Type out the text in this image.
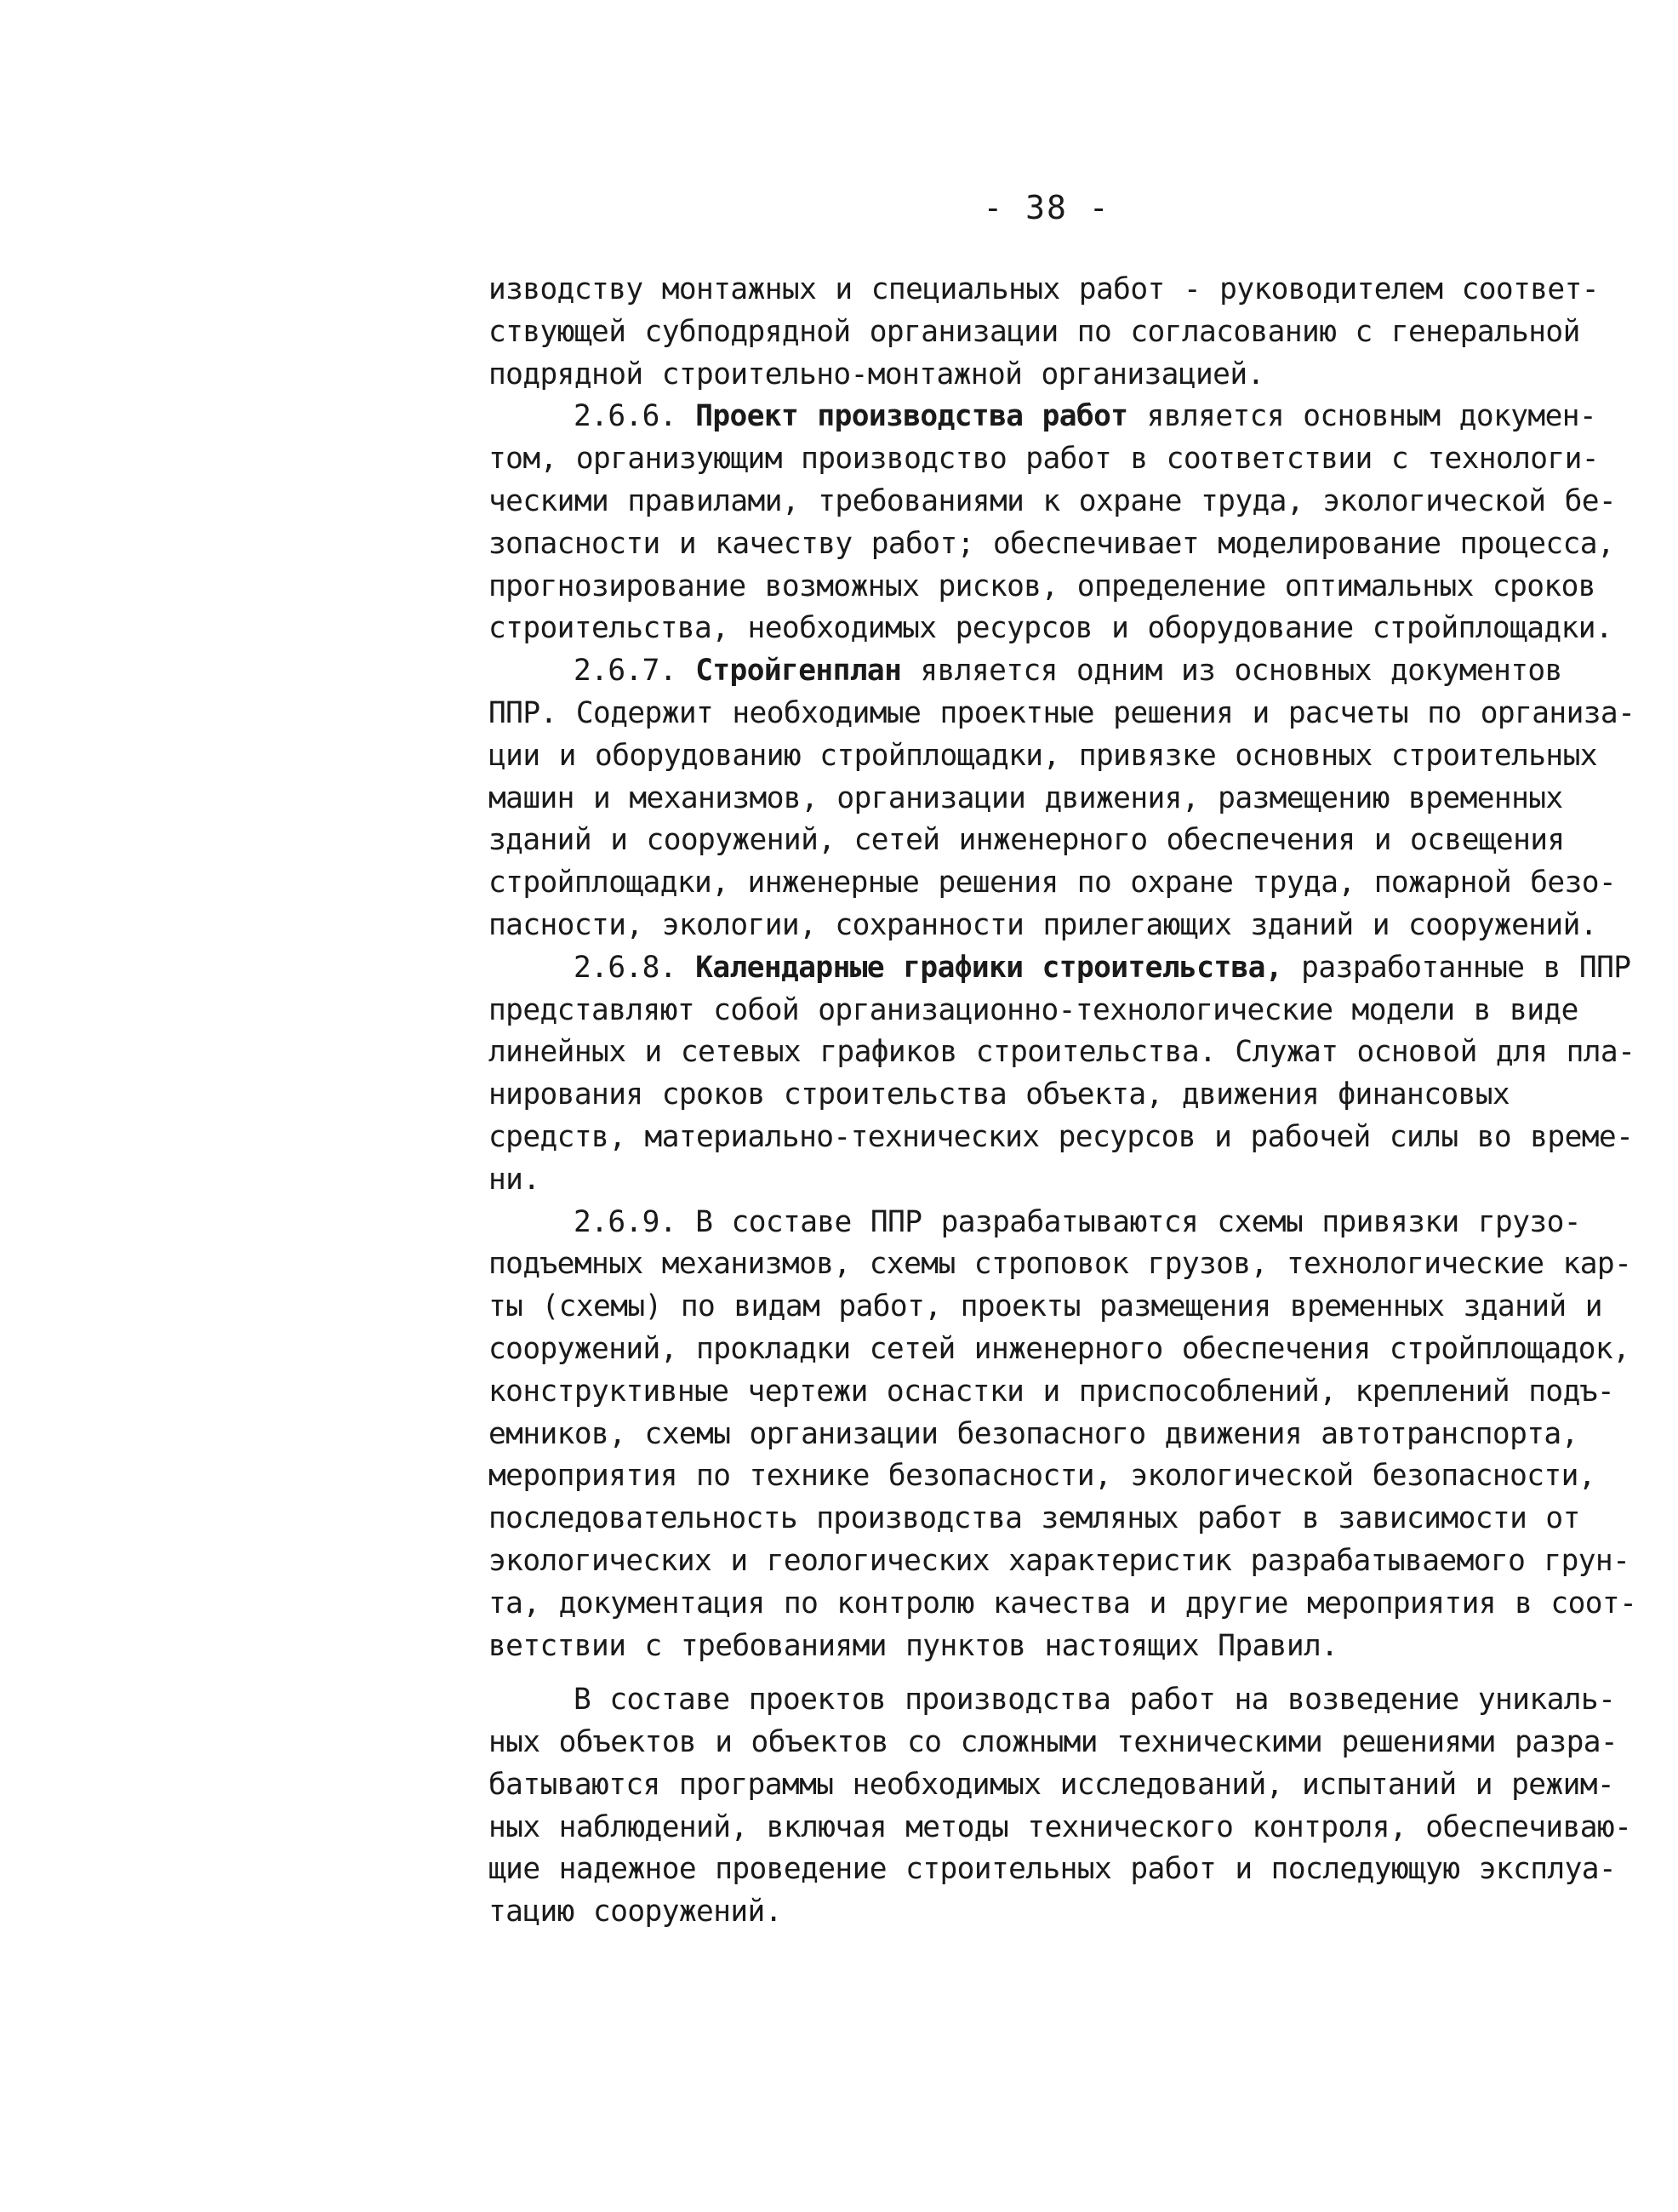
- 38 -
изводству монтажных и специальных работ - руководителем соответ-
ствующей субподрядной организации по согласованию с генеральной
подрядной строительно-монтажной организацией.
2.6.6. Проект производства работ является основным докумен-
том, организующим производство работ в соответствии с технологи-
ческими правилами, требованиями к охране труда, экологической бе-
зопасности и качеству работ; обеспечивает моделирование процесса,
прогнозирование возможных рисков, определение оптимальных сроков
строительства, необходимых ресурсов и оборудование стройплощадки.
2.6.7. Стройгенплан является одним из основных документов
ППР. Содержит необходимые проектные решения и расчеты по организа-
ции и оборудованию стройплощадки, привязке основных строительных
машин и механизмов, организации движения, размещению временных
зданий и сооружений, сетей инженерного обеспечения и освещения
стройплощадки, инженерные решения по охране труда, пожарной безо-
пасности, экологии, сохранности прилегающих зданий и сооружений.
2.6.8. Календарные графики строительства, разработанные в ППР
представляют собой организационно-технологические модели в виде
линейных и сетевых графиков строительства. Служат основой для пла-
нирования сроков строительства объекта, движения финансовых
средств, материально-технических ресурсов и рабочей силы во време-
ни.
2.6.9. В составе ППР разрабатываются схемы привязки грузо-
подъемных механизмов, схемы строповок грузов, технологические кар-
ты (схемы) по видам работ, проекты размещения временных зданий и
сооружений, прокладки сетей инженерного обеспечения стройплощадок,
конструктивные чертежи оснастки и приспособлений, креплений подъ-
емников, схемы организации безопасного движения автотранспорта,
мероприятия по технике безопасности, экологической безопасности,
последовательность производства земляных работ в зависимости от
экологических и геологических характеристик разрабатываемого грун-
та, документация по контролю качества и другие мероприятия в соот-
ветствии с требованиями пунктов настоящих Правил.
В составе проектов производства работ на возведение уникаль-
ных объектов и объектов со сложными техническими решениями разра-
батываются программы необходимых исследований, испытаний и режим-
ных наблюдений, включая методы технического контроля, обеспечиваю-
щие надежное проведение строительных работ и последующую эксплуа-
тацию сооружений.
